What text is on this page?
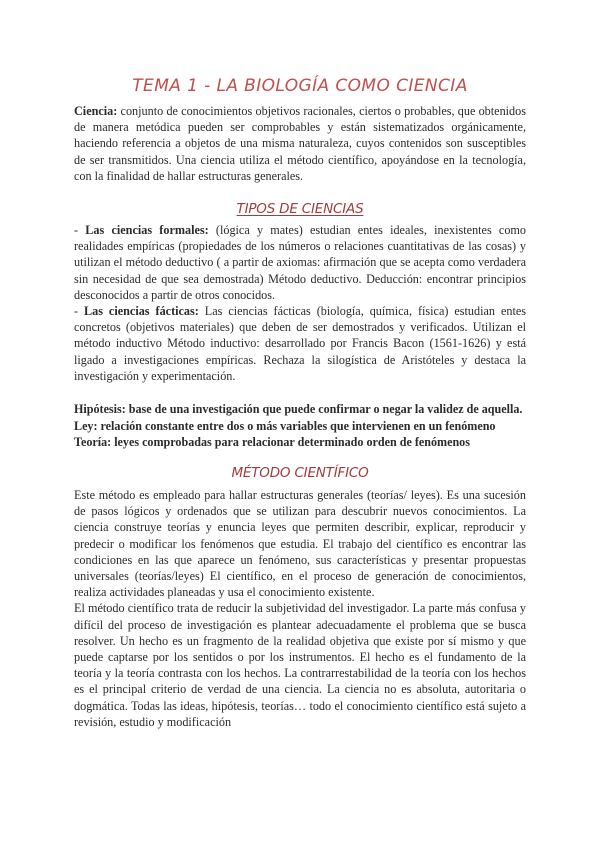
TEMA 1 - LA BIOLOGÍA COMO CIENCIA

Ciencia: conjunto de conocimientos objetivos racionales, ciertos o probables, que obtenidos de manera metódica pueden ser comprobables y están sistematizados orgánicamente, haciendo referencia a objetos de una misma naturaleza, cuyos contenidos son susceptibles de ser transmitidos. Una ciencia utiliza el método científico, apoyándose en la tecnología, con la finalidad de hallar estructuras generales.

TIPOS DE CIENCIAS

- Las ciencias formales: (lógica y mates) estudian entes ideales, inexistentes como realidades empíricas (propiedades de los números o relaciones cuantitativas de las cosas) y utilizan el método deductivo ( a partir de axiomas: afirmación que se acepta como verdadera sin necesidad de que sea demostrada) Método deductivo. Deducción: encontrar principios desconocidos a partir de otros conocidos.

- Las ciencias fácticas: Las ciencias fácticas (biología, química, física) estudian entes concretos (objetivos materiales) que deben de ser demostrados y verificados. Utilizan el método inductivo Método inductivo: desarrollado por Francis Bacon (1561-1626) y está ligado a investigaciones empíricas. Rechaza la silogística de Aristóteles y destaca la investigación y experimentación.

Hipótesis: base de una investigación que puede confirmar o negar la validez de aquella.

Ley: relación constante entre dos o más variables que intervienen en un fenómeno

Teoría: leyes comprobadas para relacionar determinado orden de fenómenos

MÉTODO CIENTÍFICO

Este método es empleado para hallar estructuras generales (teorías/ leyes). Es una sucesión de pasos lógicos y ordenados que se utilizan para descubrir nuevos conocimientos. La ciencia construye teorías y enuncia leyes que permiten describir, explicar, reproducir y predecir o modificar los fenómenos que estudia. El trabajo del científico es encontrar las condiciones en las que aparece un fenómeno, sus características y presentar propuestas universales (teorías/leyes) El científico, en el proceso de generación de conocimientos, realiza actividades planeadas y usa el conocimiento existente.

El método científico trata de reducir la subjetividad del investigador. La parte más confusa y difícil del proceso de investigación es plantear adecuadamente el problema que se busca resolver. Un hecho es un fragmento de la realidad objetiva que existe por sí mismo y que puede captarse por los sentidos o por los instrumentos. El hecho es el fundamento de la teoría y la teoría contrasta con los hechos. La contrarrestabilidad de la teoría con los hechos es el principal criterio de verdad de una ciencia. La ciencia no es absoluta, autoritaria o dogmática. Todas las ideas, hipótesis, teorías… todo el conocimiento científico está sujeto a revisión, estudio y modificación
